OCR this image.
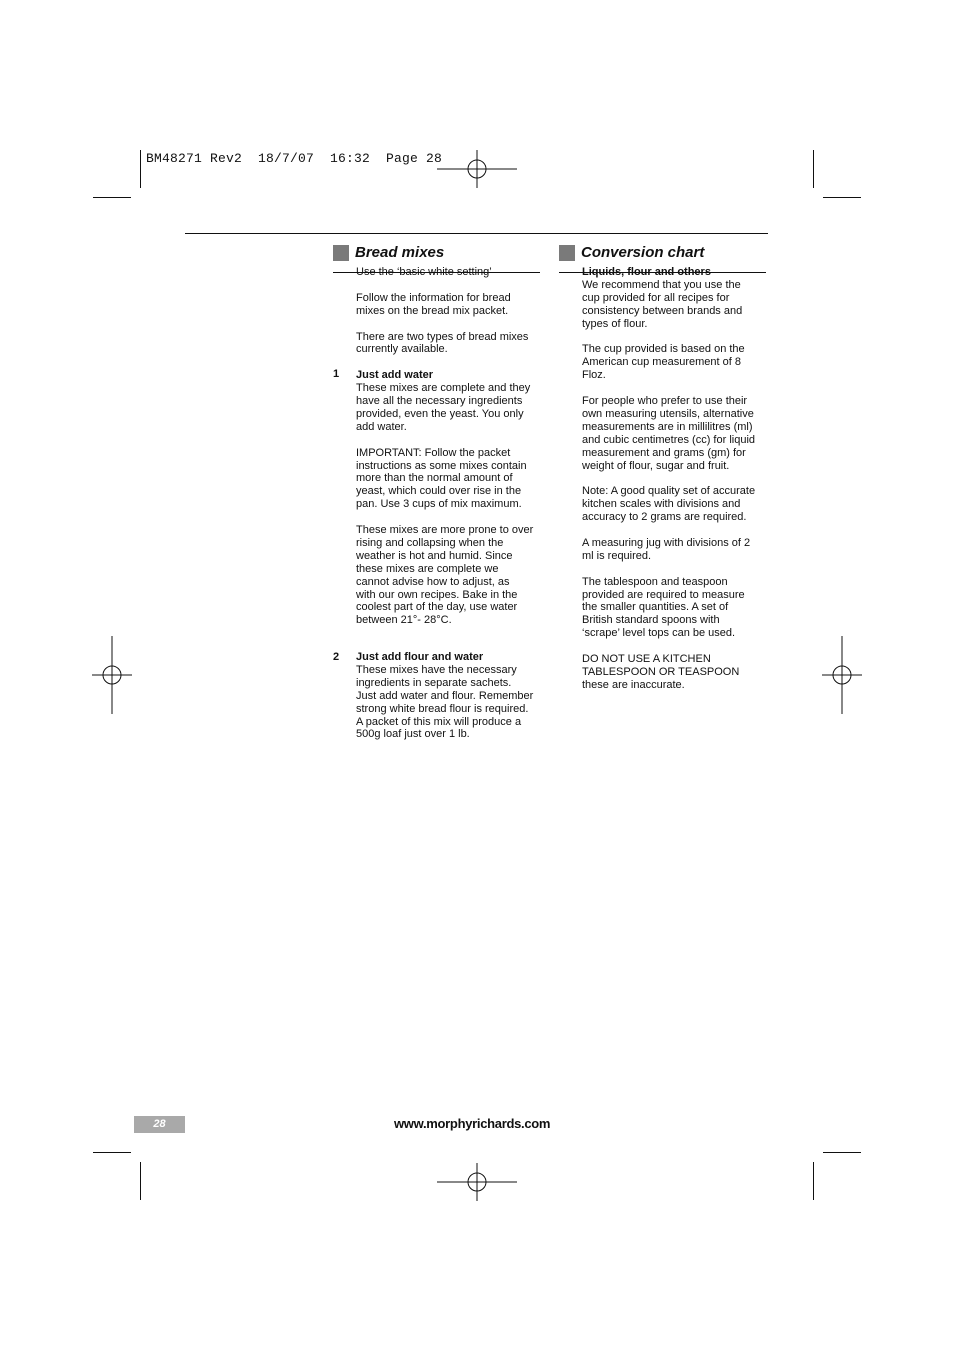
BM48271 Rev2  18/7/07  16:32  Page 28
Bread mixes

Use the ‘basic white setting’

Follow the information for bread

mixes on the bread mix packet.

There are two types of bread mixes

currently available.

Just add water

These mixes are complete and they

have all the necessary ingredients

provided, even the yeast. You only

add water.

IMPORTANT: Follow the packet

instructions as some mixes contain

more than the normal amount of

yeast, which could over rise in the

pan. Use 3 cups of mix maximum.

These mixes are more prone to over

rising and collapsing when the

weather is hot and humid. Since

these mixes are complete we

cannot advise how to adjust, as

with our own recipes. Bake in the

coolest part of the day, use water

between 21°- 28°C.

1

Just add flour and water

These mixes have the necessary

ingredients in separate sachets.

Just add water and flour. Remember

strong white bread flour is required.

A packet of this mix will produce a

500g loaf just over 1 lb.

2
Conversion chart

Liquids, flour and others

We recommend that you use the

cup provided for all recipes for

consistency between brands and

types of flour.

The cup provided is based on the

American cup measurement of 8

Floz.

For people who prefer to use their

own measuring utensils, alternative

measurements are in millilitres (ml)

and cubic centimetres (cc) for liquid

measurement and grams (gm) for

weight of flour, sugar and fruit.

Note: A good quality set of accurate

kitchen scales with divisions and

accuracy to 2 grams are required.

A measuring jug with divisions of 2

ml is required.

The tablespoon and teaspoon

provided are required to measure

the smaller quantities. A set of

British standard spoons with

‘scrape’ level tops can be used.

DO NOT USE A KITCHEN

TABLESPOON OR TEASPOON

these are inaccurate.

28	www.morphyrichards.com
